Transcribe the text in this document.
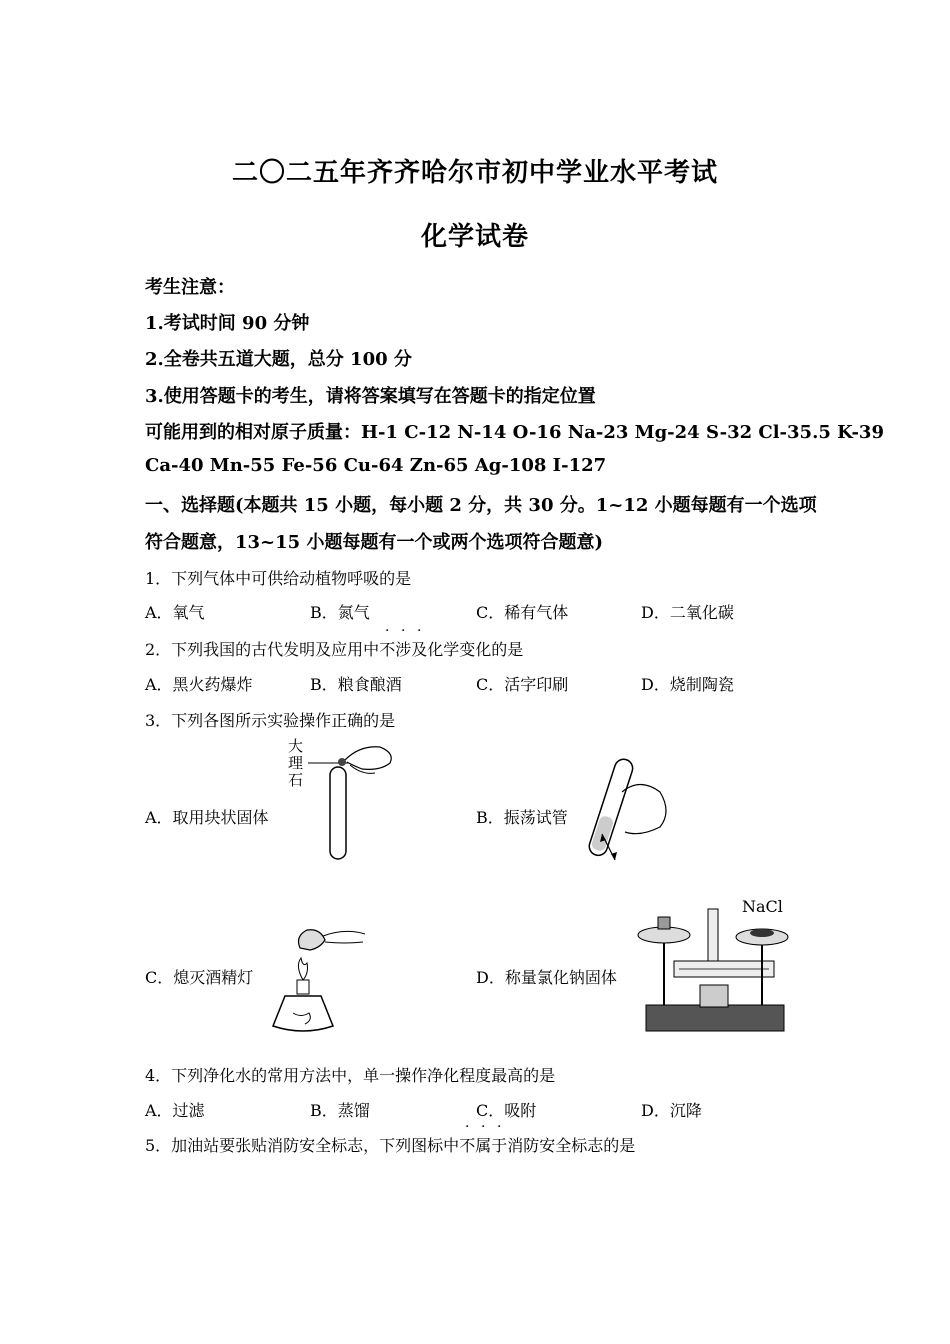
二〇二五年齐齐哈尔市初中学业水平考试
化学试卷
考生注意：
1.考试时间 90 分钟
2.全卷共五道大题，总分 100 分
3.使用答题卡的考生，请将答案填写在答题卡的指定位置
可能用到的相对原子质量：H-1 C-12 N-14 O-16 Na-23 Mg-24 S-32 Cl-35.5 K-39
Ca-40 Mn-55 Fe-56 Cu-64 Zn-65 Ag-108 I-127
一、选择题(本题共 15 小题，每小题 2 分，共 30 分。1~12 小题每题有一个选项
符合题意，13~15 小题每题有一个或两个选项符合题意)
1．下列气体中可供给动植物呼吸的是
A．氧气	B．氮气	C．稀有气体	D．二氧化碳
2．下列我国的古代发明及应用中不涉及化学变化的是
A．黑火药爆炸	B．粮食酿酒	C．活字印刷	D．烧制陶瓷
3．下列各图所示实验操作正确的是
A．取用块状固体	B．振荡试管
C．熄灭酒精灯	D．称量氯化钠固体
大
理
石
NaCl
4．下列净化水的常用方法中，单一操作净化程度最高的是
A．过滤	B．蒸馏	C．吸附	D．沉降
5．加油站要张贴消防安全标志，下列图标中不属于消防安全标志的是
